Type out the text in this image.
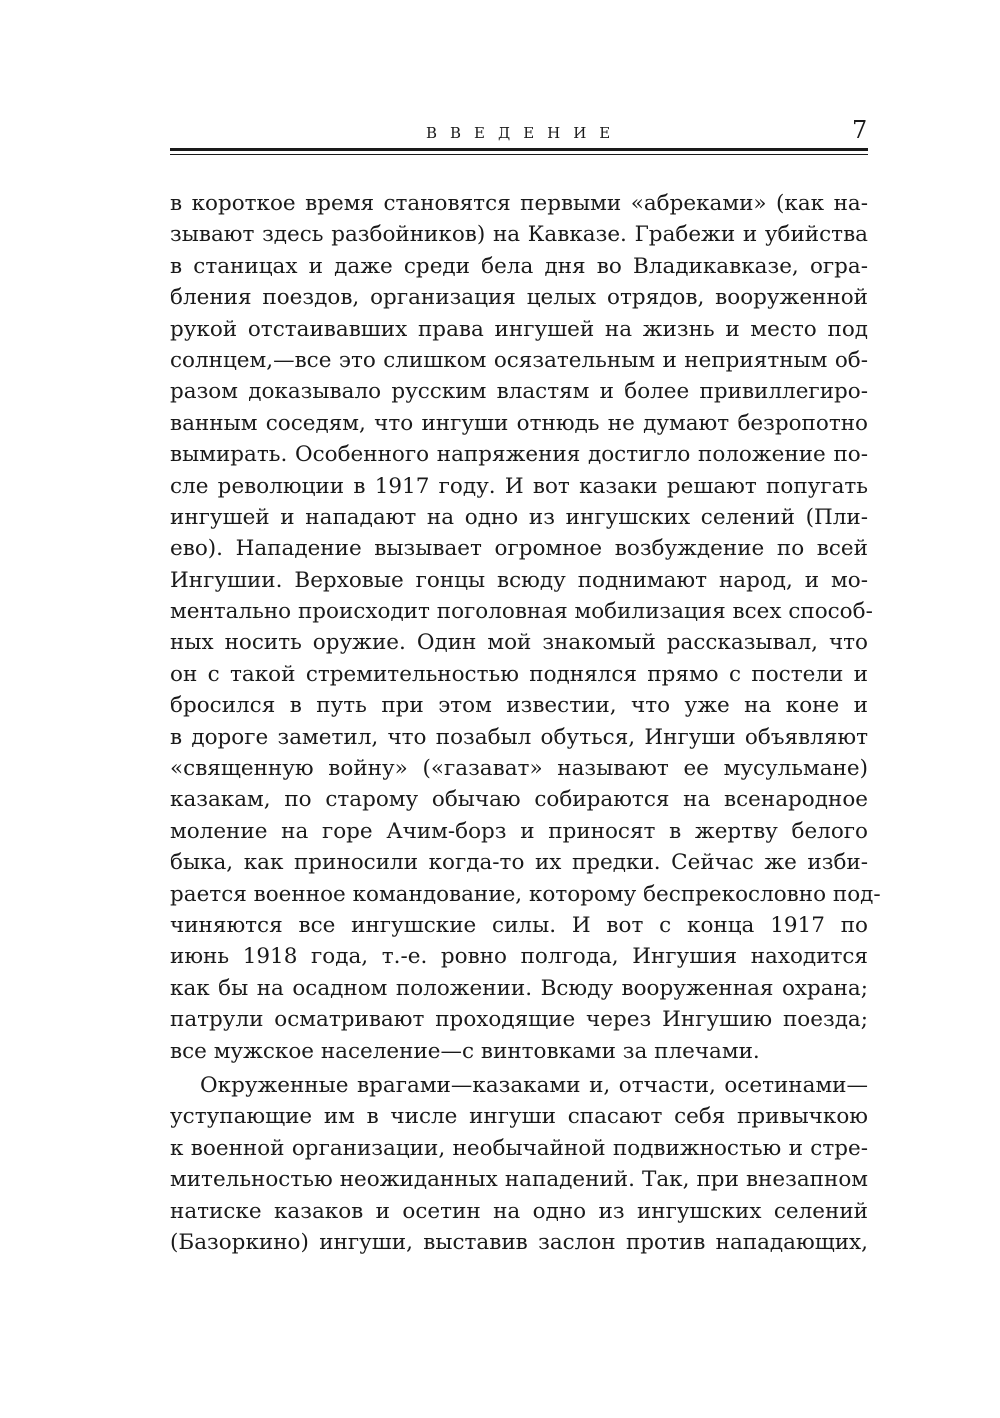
ВВЕДЕНИЕ	7
в короткое время становятся первыми «абреками» (как на-
зывают здесь разбойников) на Кавказе. Грабежи и убийства
в станицах и даже среди бела дня во Владикавказе, огра-
бления поездов, организация целых отрядов, вооруженной
рукой отстаивавших права ингушей на жизнь и место под
солнцем,—все это слишком осязательным и неприятным об-
разом доказывало русским властям и более привиллегиро-
ванным соседям, что ингуши отнюдь не думают безропотно
вымирать. Особенного напряжения достигло положение по-
сле революции в 1917 году. И вот казаки решают попугать
ингушей и нападают на одно из ингушских селений (Пли-
ево). Нападение вызывает огромное возбуждение по всей
Ингушии. Верховые гонцы всюду поднимают народ, и мо-
ментально происходит поголовная мобилизация всех способ-
ных носить оружие. Один мой знакомый рассказывал, что
он с такой стремительностью поднялся прямо с постели и
бросился в путь при этом известии, что уже на коне и
в дороге заметил, что позабыл обуться, Ингуши объявляют
«священную войну» («газават» называют ее мусульмане)
казакам, по старому обычаю собираются на всенародное
моление на горе Ачим-борз и приносят в жертву белого
быка, как приносили когда-то их предки. Сейчас же изби-
рается военное командование, которому беспрекословно под-
чиняются все ингушские силы. И вот с конца 1917 по
июнь 1918 года, т.-е. ровно полгода, Ингушия находится
как бы на осадном положении. Всюду вооруженная охрана;
патрули осматривают проходящие через Ингушию поезда;
все мужское население—с винтовками за плечами.
Окруженные врагами—казаками и, отчасти, осетинами—
уступающие им в числе ингуши спасают себя привычкою
к военной организации, необычайной подвижностью и стре-
мительностью неожиданных нападений. Так, при внезапном
натиске казаков и осетин на одно из ингушских селений
(Базоркино) ингуши, выставив заслон против нападающих,
